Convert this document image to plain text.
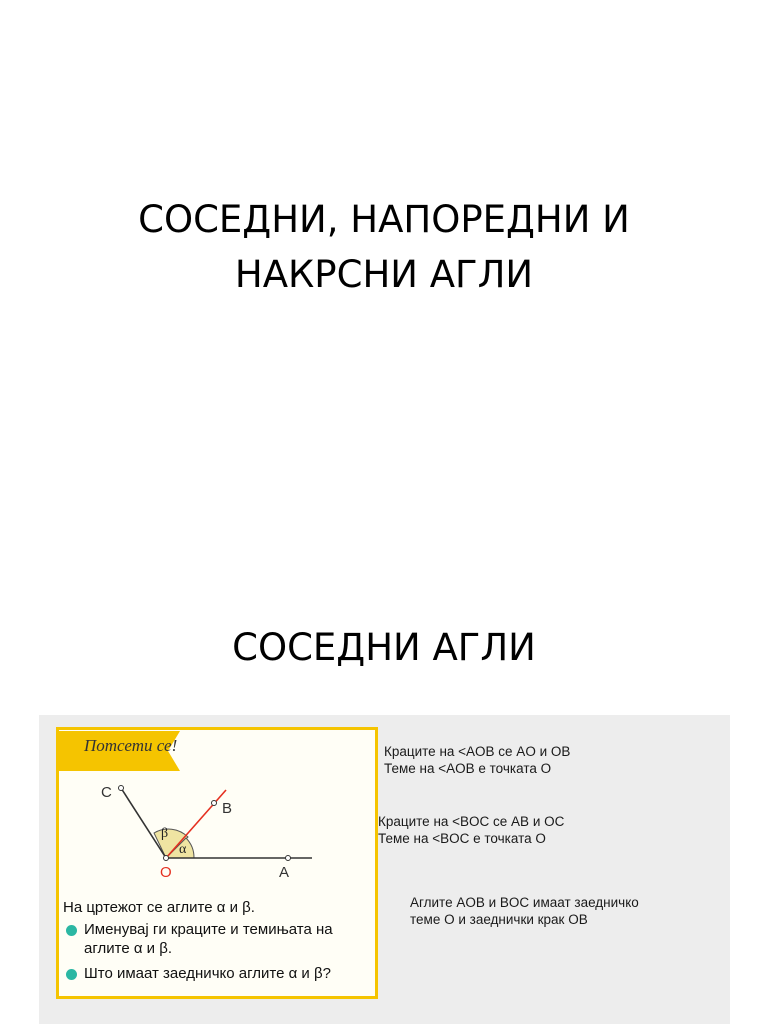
СОСЕДНИ, НАПОРЕДНИ И
НАКРСНИ АГЛИ
СОСЕДНИ АГЛИ
Потсети се!
C
B
O	A
β
α
На цртежот се аглите α и β.
Именувај ги краците и темињата на
аглите α и β.
Што имаат заедничко аглите α и β?
Краците на <AOB се AO и OB
Теме на <AOB е точката О
Краците на <BOC се AB и OC
Теме на <BOC е точката О
Аглите AOB и BOC имаат заедничко
теме О и заеднички крак OB
